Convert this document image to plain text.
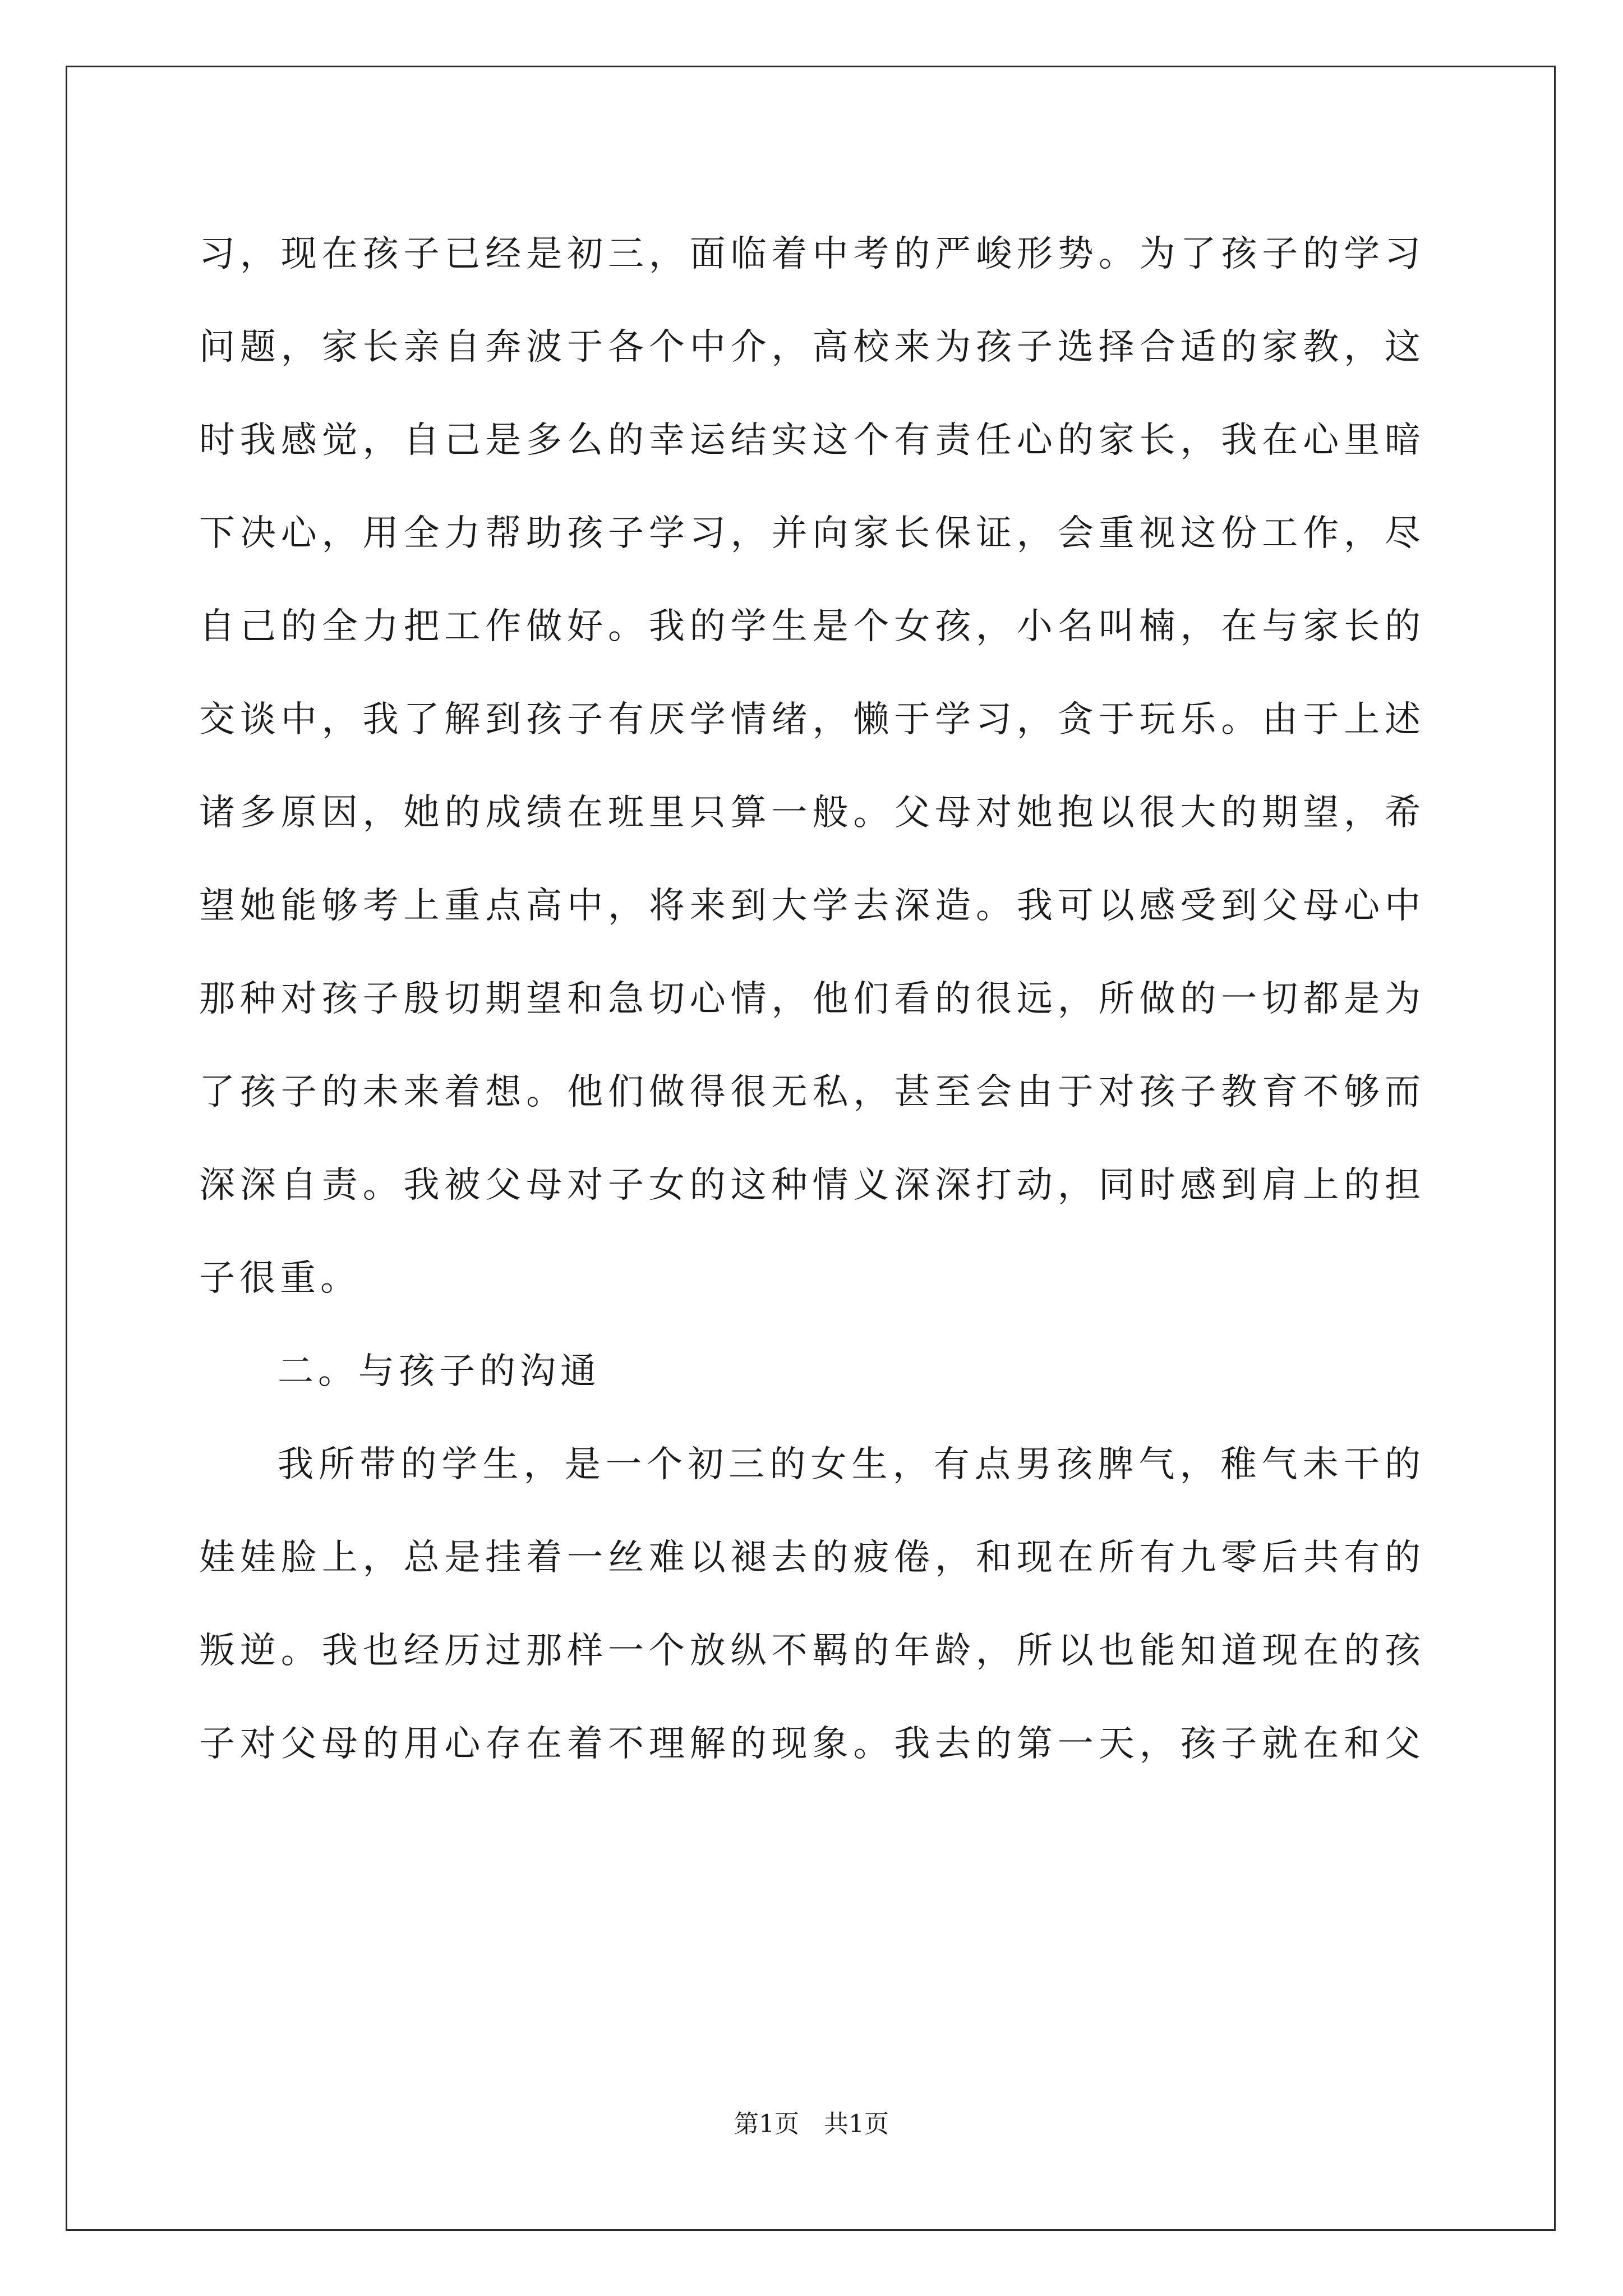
习，现在孩子已经是初三，面临着中考的严峻形势。为了孩子的学习
问题，家长亲自奔波于各个中介，高校来为孩子选择合适的家教，这
时我感觉，自己是多么的幸运结实这个有责任心的家长，我在心里暗
下决心，用全力帮助孩子学习，并向家长保证，会重视这份工作，尽
自己的全力把工作做好。我的学生是个女孩，小名叫楠，在与家长的
交谈中，我了解到孩子有厌学情绪，懒于学习，贪于玩乐。由于上述
诸多原因，她的成绩在班里只算一般。父母对她抱以很大的期望，希
望她能够考上重点高中，将来到大学去深造。我可以感受到父母心中
那种对孩子殷切期望和急切心情，他们看的很远，所做的一切都是为
了孩子的未来着想。他们做得很无私，甚至会由于对孩子教育不够而
深深自责。我被父母对子女的这种情义深深打动，同时感到肩上的担
子很重。
二。与孩子的沟通
我所带的学生，是一个初三的女生，有点男孩脾气，稚气未干的
娃娃脸上，总是挂着一丝难以褪去的疲倦，和现在所有九零后共有的
叛逆。我也经历过那样一个放纵不羁的年龄，所以也能知道现在的孩
子对父母的用心存在着不理解的现象。我去的第一天，孩子就在和父
第1页　共1页
